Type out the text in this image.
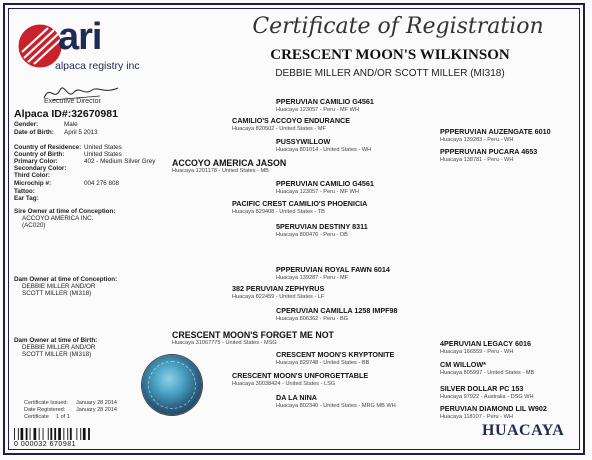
ari
alpaca registry inc
Executive Director
Certificate of Registration
CRESCENT MOON'S WILKINSON
DEBBIE MILLER AND/OR SCOTT MILLER (MI318)
Alpaca ID#:32670981
Gender:	Male
Date of Birth: April 5 2013
Country of Residence: United States
Country of Birth:	United States
Primary Color:	402 - Medium Silver Grey
Secondary Color:
Third Color:
Microchip #:	004 276 808
Tattoo:
Ear Tag:
Sire Owner at time of Conception:
ACCOYO AMERICA INC.
(AC020)
Dam Owner at time of Conception:
DEBBIE MILLER AND/OR
SCOTT MILLER (MI318)
Dam Owner at time of Birth:
DEBBIE MILLER AND/OR
SCOTT MILLER (MI318)
PPERUVIAN CAMILIO G4561
Huacaya 123057 - Peru - MF WH
CAMILIO'S ACCOYO ENDURANCE
Huacaya 820502 - United States - MF
PUSSYWILLOW
Huacaya 801014 - United States - WH
ACCOYO AMERICA JASON
Huacaya 1201178 - United States - MB
PPERUVIAN CAMILIO G4561
Huacaya 123057 - Peru - MF WH
PACIFIC CREST CAMILIO'S PHOENICIA
Huacaya 829408 - United States - TB
5PERUVIAN DESTINY 8311
Huacaya 800476 - Peru - DB
PPPERUVIAN AUZENGATE 6010
Huacaya 139283 - Peru - WH
PPPERUVIAN PUCARA 4653
Huacaya 138781 - Peru - WH
PPPERUVIAN ROYAL FAWN 6014
Huacaya 139287 - Peru - MF
382 PERUVIAN ZEPHYRUS
Huacaya 822459 - United States - LF
CPERUVIAN CAMILLA 1258 IMPF98
Huacaya 806362 - Peru - BG
CRESCENT MOON'S FORGET ME NOT
Huacaya 31067775 - United States - MSG
CRESCENT MOON'S KRYPTONITE
Huacaya 829748 - United States - BB
CRESCENT MOON'S UNFORGETTABLE
Huacaya 30038424 - United States - LSG
DA LA NINA
Huacaya 802340 - United States - MRG MB WH
4PERUVIAN LEGACY 6016
Huacaya 166559 - Peru - WH
CM WILLOW*
Huacaya 805997 - United States - MB
SILVER DOLLAR PC 153
Huacaya 97922 - Australia - DSG WH
PERUVIAN DIAMOND LIL W902
Huacaya 118107 - Peru - WH
Certificate Issued: January 28 2014
Date Registered: January 28 2014
Certificate 1 of 1
0 000032 670981
HUACAYA
